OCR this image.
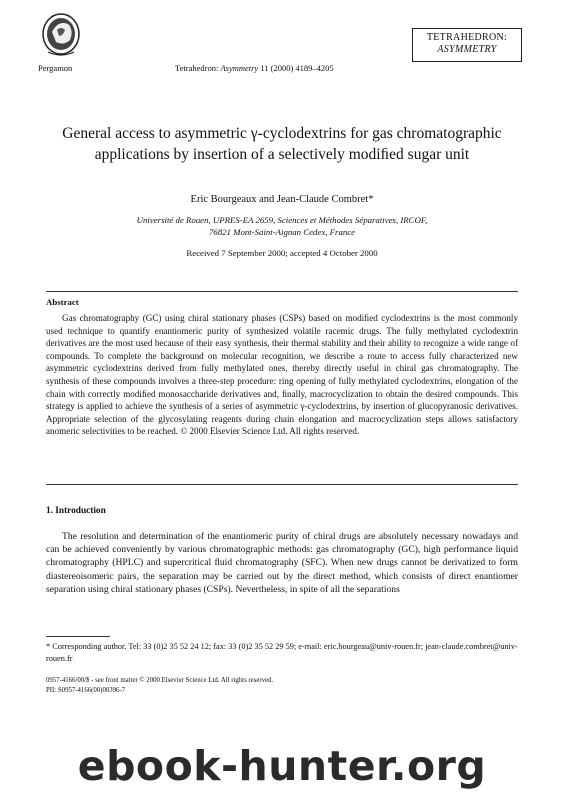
Pergamon	Tetrahedron: Asymmetry 11 (2000) 4189–4205
TETRAHEDRON:
ASYMMETRY
General access to asymmetric γ-cyclodextrins for gas chromatographic applications by insertion of a selectively modiﬁed sugar unit
Eric Bourgeaux and Jean-Claude Combret*
Université de Rouen, UPRES-EA 2659, Sciences et Méthodes Séparatives, IRCOF,
76821 Mont-Saint-Aignan Cedex, France
Received 7 September 2000; accepted 4 October 2000
Abstract
Gas chromatography (GC) using chiral stationary phases (CSPs) based on modiﬁed cyclodextrins is the most commonly used technique to quantify enantiomeric purity of synthesized volatile racemic drugs. The fully methylated cyclodextrin derivatives are the most used because of their easy synthesis, their thermal stability and their ability to recognize a wide range of compounds. To complete the background on molecular recognition, we describe a route to access fully characterized new asymmetric cyclodextrins derived from fully methylated ones, thereby directly useful in chiral gas chromatography. The synthesis of these compounds involves a three-step procedure: ring opening of fully methylated cyclodextrins, elongation of the chain with correctly modiﬁed monosaccharide derivatives and, ﬁnally, macrocyclization to obtain the desired compounds. This strategy is applied to achieve the synthesis of a series of asymmetric γ-cyclodextrins, by insertion of glucopyranosic derivatives. Appropriate selection of the glycosylating reagents during chain elongation and macrocyclization steps allows satisfactory anomeric selectivities to be reached. © 2000 Elsevier Science Ltd. All rights reserved.
1. Introduction
The resolution and determination of the enantiomeric purity of chiral drugs are absolutely necessary nowadays and can be achieved conveniently by various chromatographic methods: gas chromatography (GC), high performance liquid chromatography (HPLC) and supercritical ﬂuid chromatography (SFC). When new drugs cannot be derivatized to form diastereoisomeric pairs, the separation may be carried out by the direct method, which consists of direct enantiomer separation using chiral stationary phases (CSPs). Nevertheless, in spite of all the separations
* Corresponding author. Tel: 33 (0)2 35 52 24 12; fax: 33 (0)2 35 52 29 59; e-mail: eric.bourgeau@univ-rouen.fr; jean-claude.combret@univ-rouen.fr
0957-4166/00/$ - see front matter © 2000 Elsevier Science Ltd. All rights reserved.
PII: S0957-4166(00)00396-7
ebook-hunter.org
